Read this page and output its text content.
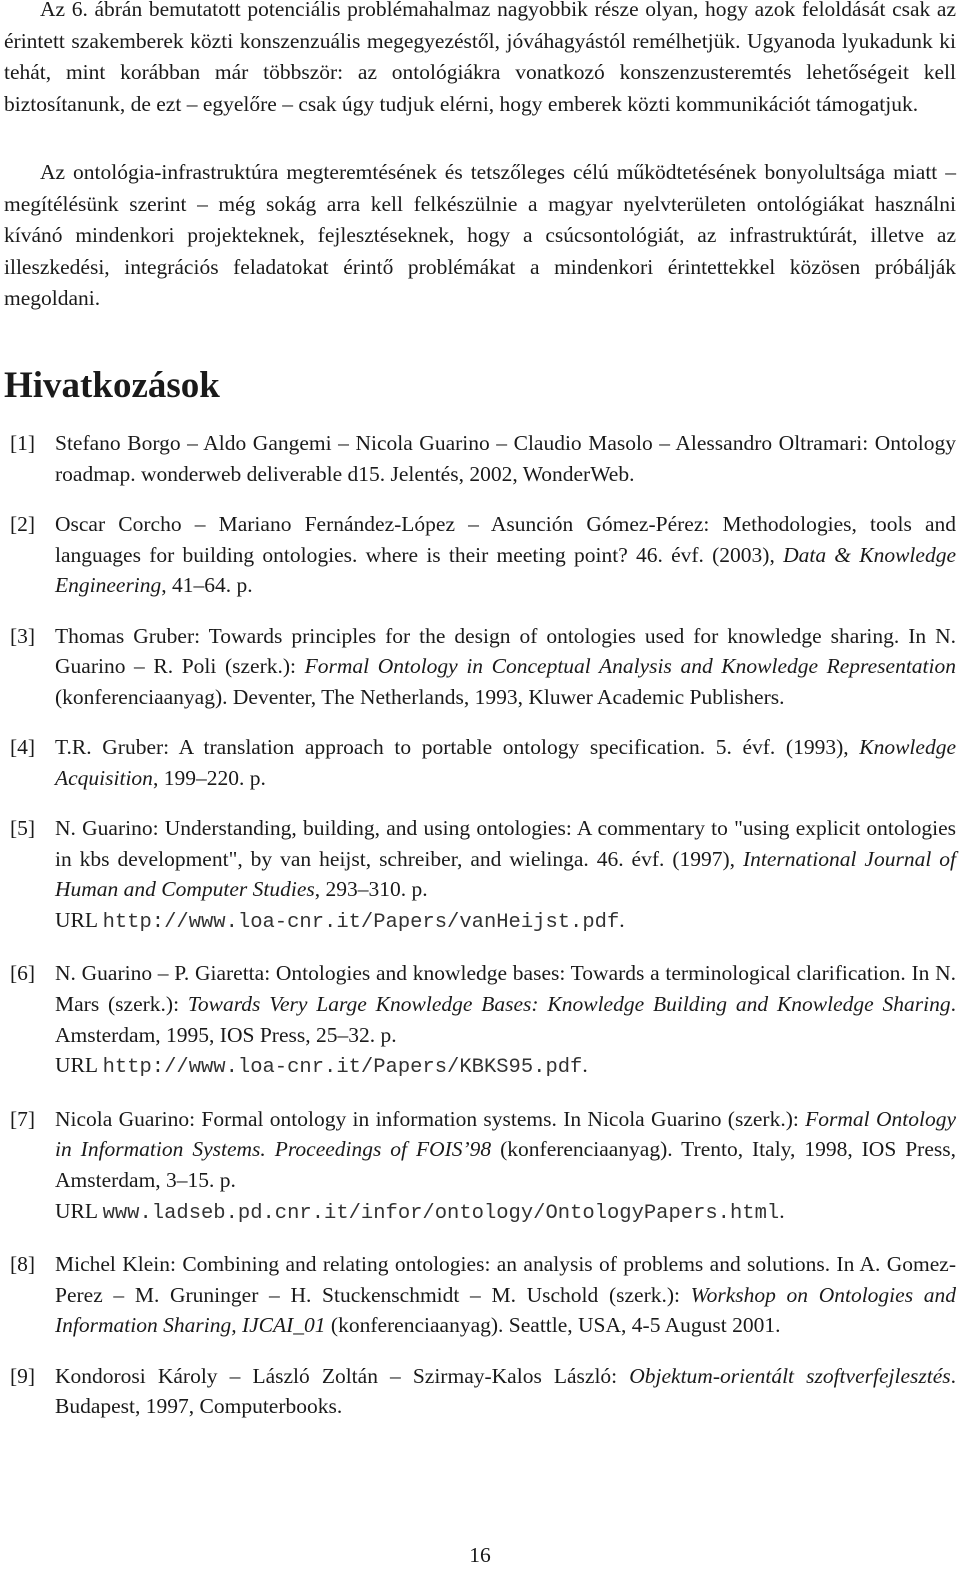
Az 6. ábrán bemutatott potenciális problémahalmaz nagyobbik része olyan, hogy azok feloldását csak az érintett szakemberek közti konszenzuális megegyezéstől, jóváhagyástól remélhetjük. Ugyanoda lyukadunk ki tehát, mint korábban már többször: az ontológiákra vonatkozó konszenzusteremtés lehetőségeit kell biztosítanunk, de ezt – egyelőre – csak úgy tudjuk elérni, hogy emberek közti kommunikációt támogatjuk.

Az ontológia-infrastruktúra megteremtésének és tetszőleges célú működtetésének bonyolultsága miatt – megítélésünk szerint – még sokág arra kell felkészülnie a magyar nyelvterületen ontológiákat használni kívánó mindenkori projekteknek, fejlesztéseknek, hogy a csúcsontológiát, az infrastruktúrát, illetve az illeszkedési, integrációs feladatokat érintő problémákat a mindenkori érintettekkel közösen próbálják megoldani.

Hivatkozások
[1] Stefano Borgo – Aldo Gangemi – Nicola Guarino – Claudio Masolo – Alessandro Oltramari: Ontology roadmap. wonderweb deliverable d15. Jelentés, 2002, WonderWeb.
[2] Oscar Corcho – Mariano Fernández-López – Asunción Gómez-Pérez: Methodologies, tools and languages for building ontologies. where is their meeting point? 46. évf. (2003), Data & Knowledge Engineering, 41–64. p.
[3] Thomas Gruber: Towards principles for the design of ontologies used for knowledge sharing. In N. Guarino – R. Poli (szerk.): Formal Ontology in Conceptual Analysis and Knowledge Representation (konferenciaanyag). Deventer, The Netherlands, 1993, Kluwer Academic Publishers.
[4] T.R. Gruber: A translation approach to portable ontology specification. 5. évf. (1993), Knowledge Acquisition, 199–220. p.
[5] N. Guarino: Understanding, building, and using ontologies: A commentary to "using explicit ontologies in kbs development", by van heijst, schreiber, and wielinga. 46. évf. (1997), International Journal of Human and Computer Studies, 293–310. p.
URL http://www.loa-cnr.it/Papers/vanHeijst.pdf.
[6] N. Guarino – P. Giaretta: Ontologies and knowledge bases: Towards a terminological clarification. In N. Mars (szerk.): Towards Very Large Knowledge Bases: Knowledge Building and Knowledge Sharing. Amsterdam, 1995, IOS Press, 25–32. p.
URL http://www.loa-cnr.it/Papers/KBKS95.pdf.
[7] Nicola Guarino: Formal ontology in information systems. In Nicola Guarino (szerk.): Formal Ontology in Information Systems. Proceedings of FOIS’98 (konferenciaanyag). Trento, Italy, 1998, IOS Press, Amsterdam, 3–15. p.
URL www.ladseb.pd.cnr.it/infor/ontology/OntologyPapers.html.
[8] Michel Klein: Combining and relating ontologies: an analysis of problems and solutions. In A. Gomez-Perez – M. Gruninger – H. Stuckenschmidt – M. Uschold (szerk.): Workshop on Ontologies and Information Sharing, IJCAI_01 (konferenciaanyag). Seattle, USA, 4-5 August 2001.
[9] Kondorosi Károly – László Zoltán – Szirmay-Kalos László: Objektum-orientált szoftverfejlesztés. Budapest, 1997, Computerbooks.
16
